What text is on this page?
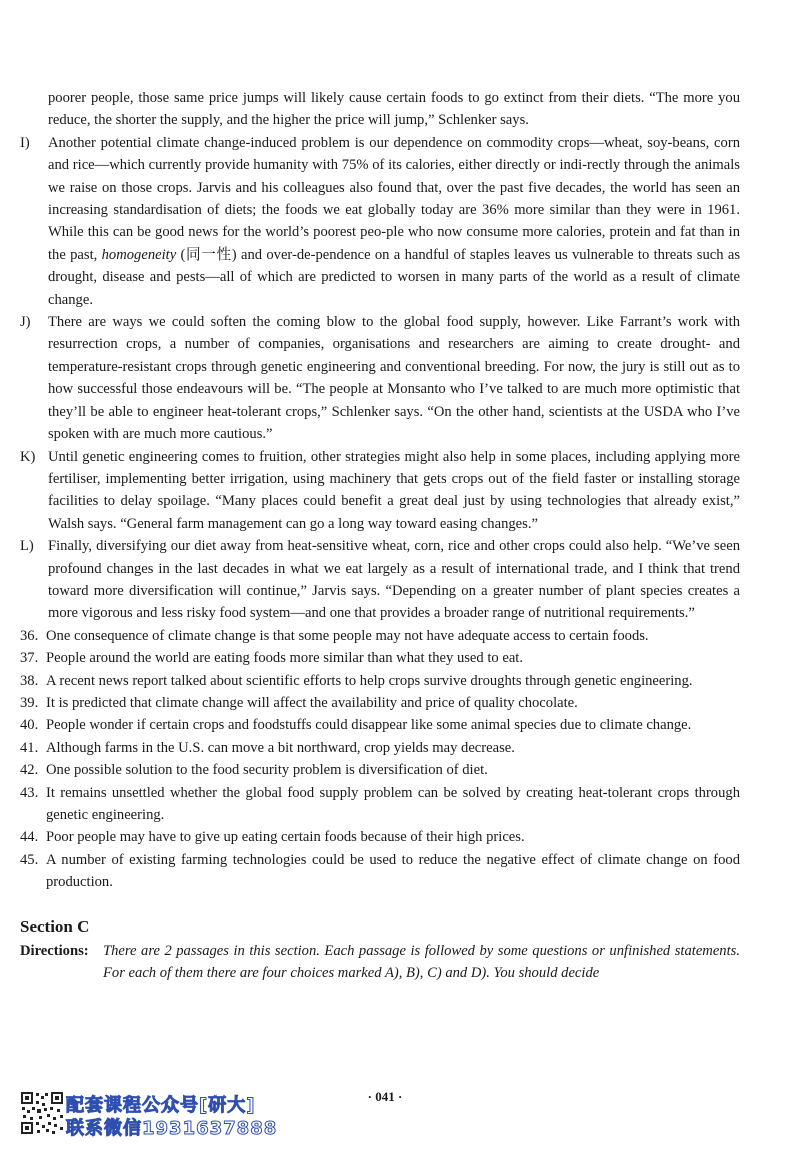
poorer people, those same price jumps will likely cause certain foods to go extinct from their diets. “The more you reduce, the shorter the supply, and the higher the price will jump,” Schlenker says.

I) Another potential climate change-induced problem is our dependence on commodity crops—wheat, soy-beans, corn and rice—which currently provide humanity with 75% of its calories, either directly or indi-rectly through the animals we raise on those crops. Jarvis and his colleagues also found that, over the past five decades, the world has seen an increasing standardisation of diets; the foods we eat globally today are 36% more similar than they were in 1961. While this can be good news for the world’s poorest peo-ple who now consume more calories, protein and fat than in the past, homogeneity (同一性) and over-de-pendence on a handful of staples leaves us vulnerable to threats such as drought, disease and pests—all of which are predicted to worsen in many parts of the world as a result of climate change.

J) There are ways we could soften the coming blow to the global food supply, however. Like Farrant’s work with resurrection crops, a number of companies, organisations and researchers are aiming to create drought- and temperature-resistant crops through genetic engineering and conventional breeding. For now, the jury is still out as to how successful those endeavours will be. “The people at Monsanto who I’ve talked to are much more optimistic that they’ll be able to engineer heat-tolerant crops,” Schlenker says. “On the other hand, scientists at the USDA who I’ve spoken with are much more cautious.”

K) Until genetic engineering comes to fruition, other strategies might also help in some places, including applying more fertiliser, implementing better irrigation, using machinery that gets crops out of the field faster or installing storage facilities to delay spoilage. “Many places could benefit a great deal just by using technologies that already exist,” Walsh says. “General farm management can go a long way toward easing changes.”

L) Finally, diversifying our diet away from heat-sensitive wheat, corn, rice and other crops could also help. “We’ve seen profound changes in the last decades in what we eat largely as a result of international trade, and I think that trend toward more diversification will continue,” Jarvis says. “Depending on a greater number of plant species creates a more vigorous and less risky food system—and one that provides a broader range of nutritional requirements.”

36. One consequence of climate change is that some people may not have adequate access to certain foods.
37. People around the world are eating foods more similar than what they used to eat.
38. A recent news report talked about scientific efforts to help crops survive droughts through genetic engineering.
39. It is predicted that climate change will affect the availability and price of quality chocolate.
40. People wonder if certain crops and foodstuffs could disappear like some animal species due to climate change.
41. Although farms in the U.S. can move a bit northward, crop yields may decrease.
42. One possible solution to the food security problem is diversification of diet.
43. It remains unsettled whether the global food supply problem can be solved by creating heat-tolerant crops through genetic engineering.
44. Poor people may have to give up eating certain foods because of their high prices.
45. A number of existing farming technologies could be used to reduce the negative effect of climate change on food production.
Section C
Directions: There are 2 passages in this section. Each passage is followed by some questions or unfinished statements. For each of them there are four choices marked A), B), C) and D). You should decide
· 041 ·
配套课程公众号[研大]
联系微信1931637888
